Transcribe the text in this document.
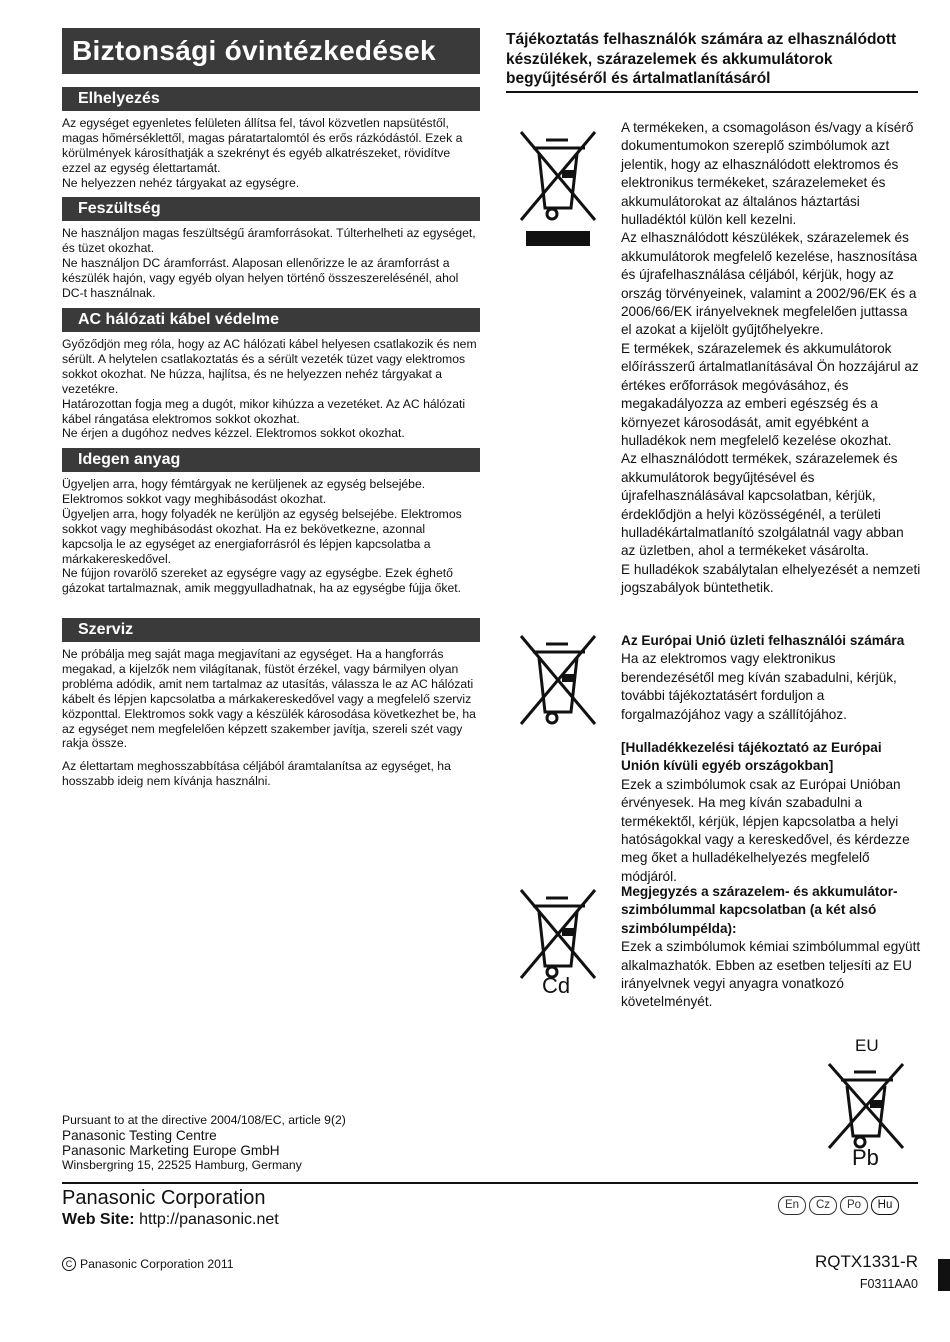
Biztonsági óvintézkedések
Elhelyezés

Az egységet egyenletes felületen állítsa fel, távol közvetlen napsütéstől, magas hőmérséklettől, magas páratartalomtól és erős rázkódástól. Ezek a körülmények károsíthatják a szekrényt és egyéb alkatrészeket, rövidítve ezzel az egység élettartamát.

Ne helyezzen nehéz tárgyakat az egységre.

Feszültség

Ne használjon magas feszültségű áramforrásokat. Túlterhelheti az egységet, és tüzet okozhat.

Ne használjon DC áramforrást. Alaposan ellenőrizze le az áramforrást a készülék hajón, vagy egyéb olyan helyen történő összeszerelésénél, ahol DC-t használnak.

AC hálózati kábel védelme

Győződjön meg róla, hogy az AC hálózati kábel helyesen csatlakozik és nem sérült. A helytelen csatlakoztatás és a sérült vezeték tüzet vagy elektromos sokkot okozhat. Ne húzza, hajlítsa, és ne helyezzen nehéz tárgyakat a vezetékre.

Határozottan fogja meg a dugót, mikor kihúzza a vezetéket. Az AC hálózati kábel rángatása elektromos sokkot okozhat.

Ne érjen a dugóhoz nedves kézzel. Elektromos sokkot okozhat.

Idegen anyag

Ügyeljen arra, hogy fémtárgyak ne kerüljenek az egység belsejébe. Elektromos sokkot vagy meghibásodást okozhat.

Ügyeljen arra, hogy folyadék ne kerüljön az egység belsejébe. Elektromos sokkot vagy meghibásodást okozhat. Ha ez bekövetkezne, azonnal kapcsolja le az egységet az energiaforrásról és lépjen kapcsolatba a márkakereskedővel.

Ne fújjon rovarölő szereket az egységre vagy az egységbe. Ezek éghető gázokat tartalmaznak, amik meggyulladhatnak, ha az egységbe fújja őket.

Szerviz

Ne próbálja meg saját maga megjavítani az egységet. Ha a hangforrás megakad, a kijelzők nem világítanak, füstöt érzékel, vagy bármilyen olyan probléma adódik, amit nem tartalmaz az utasítás, válassza le az AC hálózati kábelt és lépjen kapcsolatba a márkakereskedővel vagy a megfelelő szerviz központtal. Elektromos sokk vagy a készülék károsodása következhet be, ha az egységet nem megfelelően képzett szakember javítja, szereli szét vagy rakja össze.

Az élettartam meghosszabbítása céljából áramtalanítsa az egységet, ha hosszabb ideig nem kívánja használni.

Tájékoztatás felhasználók számára az elhasználódott készülékek, szárazelemek és akkumulátorok begyűjtéséről és ártalmatlanításáról

A termékeken, a csomagoláson és/vagy a kísérő dokumentumokon szereplő szimbólumok azt jelentik, hogy az elhasználódott elektromos és elektronikus termékeket, szárazelemeket és akkumulátorokat az általános háztartási hulladéktól külön kell kezelni.

Az elhasználódott készülékek, szárazelemek és akkumulátorok megfelelő kezelése, hasznosítása és újrafelhasználása céljából, kérjük, hogy az ország törvényeinek, valamint a 2002/96/EK és a 2006/66/EK irányelveknek megfelelően juttassa el azokat a kijelölt gyűjtőhelyekre.

E termékek, szárazelemek és akkumulátorok előírásszerű ártalmatlanításával Ön hozzájárul az értékes erőforrások megóvásához, és megakadályozza az emberi egészség és a környezet károsodását, amit egyébként a hulladékok nem megfelelő kezelése okozhat.

Az elhasználódott termékek, szárazelemek és akkumulátorok begyűjtésével és újrafelhasználásával kapcsolatban, kérjük, érdeklődjön a helyi közösségénél, a területi hulladékártalmatlanító szolgálatnál vagy abban az üzletben, ahol a termékeket vásárolta.

E hulladékok szabálytalan elhelyezését a nemzeti jogszabályok büntethetik.

Az Európai Unió üzleti felhasználói számára

Ha az elektromos vagy elektronikus berendezésétől meg kíván szabadulni, kérjük, további tájékoztatásért forduljon a forgalmazójához vagy a szállítójához.

[Hulladékkezelési tájékoztató az Európai Unión kívüli egyéb országokban]

Ezek a szimbólumok csak az Európai Unióban érvényesek. Ha meg kíván szabadulni a termékektől, kérjük, lépjen kapcsolatba a helyi hatóságokkal vagy a kereskedővel, és kérdezze meg őket a hulladékelhelyezés megfelelő módjáról.

Cd

Megjegyzés a szárazelem- és akkumulátor-szimbólummal kapcsolatban (a két alsó szimbólumpélda):

Ezek a szimbólumok kémiai szimbólummal együtt alkalmazhatók. Ebben az esetben teljesíti az EU irányelvnek vegyi anyagra vonatkozó követelményét.

EU
Pb
Pursuant to at the directive 2004/108/EC, article 9(2)
Panasonic Testing Centre
Panasonic Marketing Europe GmbH
Winsbergring 15, 22525 Hamburg, Germany
Panasonic Corporation
Web Site: http://panasonic.net
En	Cz	Po	Hu
C Panasonic Corporation 2011	RQTX1331-R
F0311AA0
